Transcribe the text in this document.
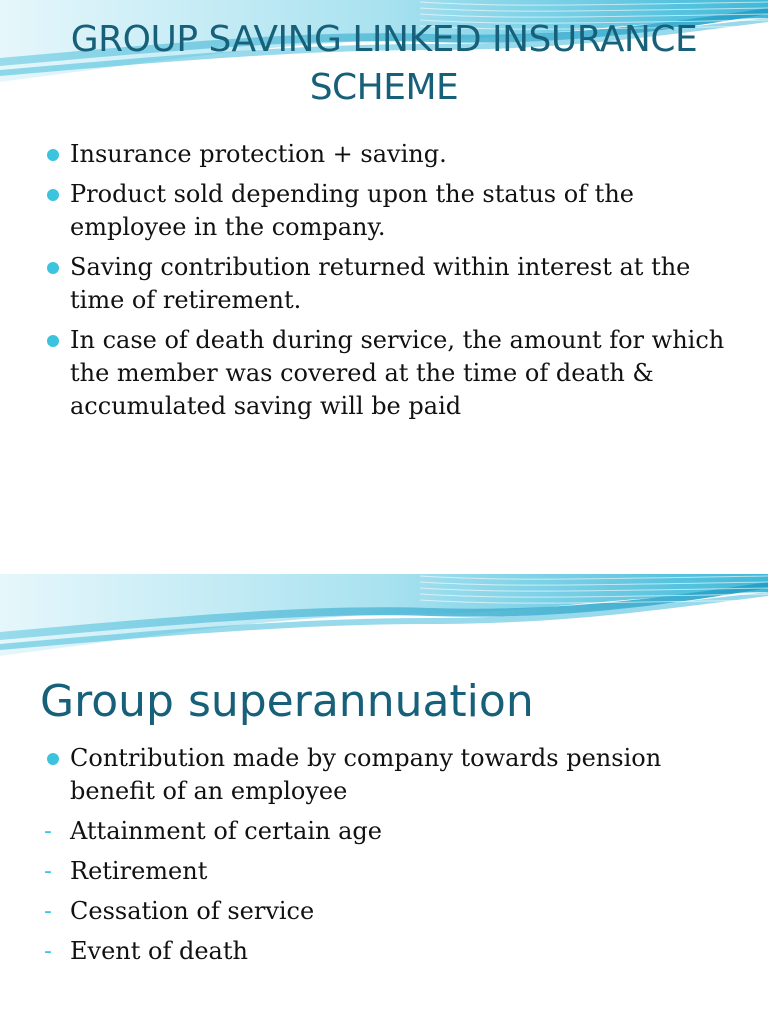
GROUP SAVING LINKED INSURANCE SCHEME
Insurance protection + saving.
Product sold depending upon the status of the employee in the company.
Saving contribution returned within interest at the time of retirement.
In case of death during service, the amount for which the member was covered at the time of death & accumulated saving will be paid
Group superannuation
Contribution made by company towards pension benefit of an employee
- Attainment of certain age
- Retirement
- Cessation of service
- Event of death
